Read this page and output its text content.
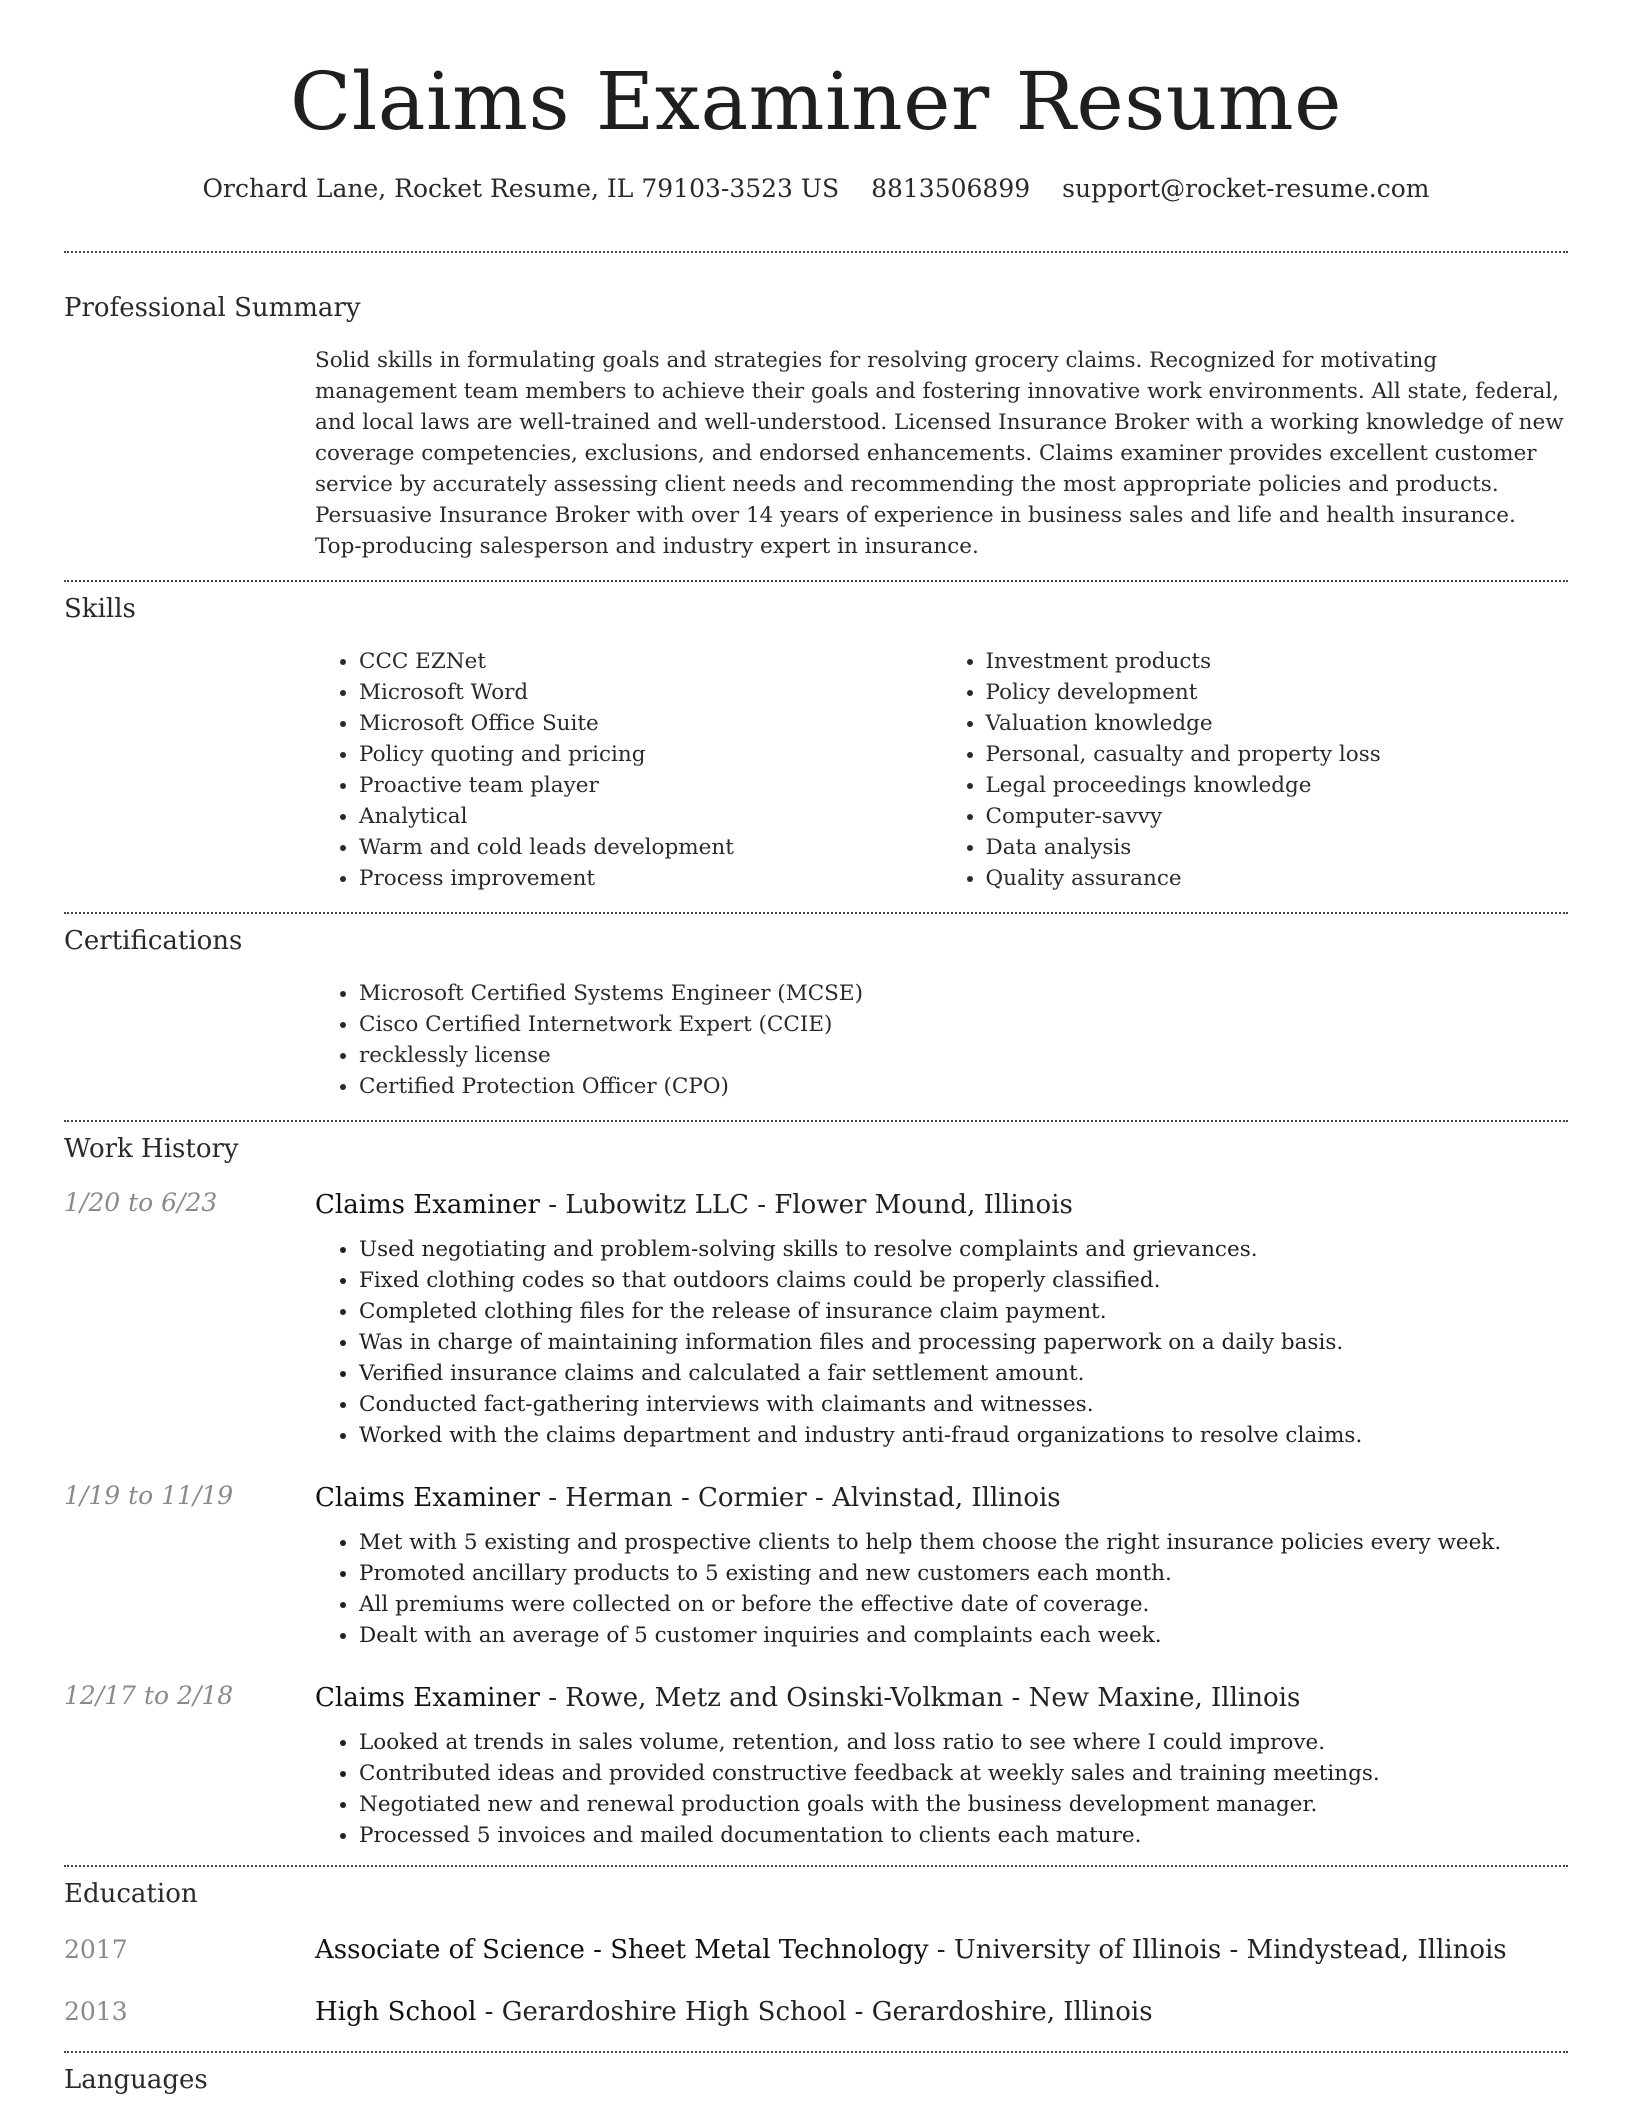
Claims Examiner Resume
Orchard Lane, Rocket Resume, IL 79103-3523 US 8813506899 support@rocket-resume.com
Professional Summary
Solid skills in formulating goals and strategies for resolving grocery claims. Recognized for motivating management team members to achieve their goals and fostering innovative work environments. All state, federal, and local laws are well-trained and well-understood. Licensed Insurance Broker with a working knowledge of new coverage competencies, exclusions, and endorsed enhancements. Claims examiner provides excellent customer service by accurately assessing client needs and recommending the most appropriate policies and products. Persuasive Insurance Broker with over 14 years of experience in business sales and life and health insurance. Top-producing salesperson and industry expert in insurance.
Skills
• CCC EZNet
• Microsoft Word
• Microsoft Office Suite
• Policy quoting and pricing
• Proactive team player
• Analytical
• Warm and cold leads development
• Process improvement
• Investment products
• Policy development
• Valuation knowledge
• Personal, casualty and property loss
• Legal proceedings knowledge
• Computer-savvy
• Data analysis
• Quality assurance
Certifications
• Microsoft Certified Systems Engineer (MCSE)
• Cisco Certified Internetwork Expert (CCIE)
• recklessly license
• Certified Protection Officer (CPO)
Work History
1/20 to 6/23	Claims Examiner - Lubowitz LLC - Flower Mound, Illinois
• Used negotiating and problem-solving skills to resolve complaints and grievances.
• Fixed clothing codes so that outdoors claims could be properly classified.
• Completed clothing files for the release of insurance claim payment.
• Was in charge of maintaining information files and processing paperwork on a daily basis.
• Verified insurance claims and calculated a fair settlement amount.
• Conducted fact-gathering interviews with claimants and witnesses.
• Worked with the claims department and industry anti-fraud organizations to resolve claims.
1/19 to 11/19	Claims Examiner - Herman - Cormier - Alvinstad, Illinois
• Met with 5 existing and prospective clients to help them choose the right insurance policies every week.
• Promoted ancillary products to 5 existing and new customers each month.
• All premiums were collected on or before the effective date of coverage.
• Dealt with an average of 5 customer inquiries and complaints each week.
12/17 to 2/18	Claims Examiner - Rowe, Metz and Osinski-Volkman - New Maxine, Illinois
• Looked at trends in sales volume, retention, and loss ratio to see where I could improve.
• Contributed ideas and provided constructive feedback at weekly sales and training meetings.
• Negotiated new and renewal production goals with the business development manager.
• Processed 5 invoices and mailed documentation to clients each mature.
Education
2017	Associate of Science - Sheet Metal Technology - University of Illinois - Mindystead, Illinois
2013	High School - Gerardoshire High School - Gerardoshire, Illinois
Languages
